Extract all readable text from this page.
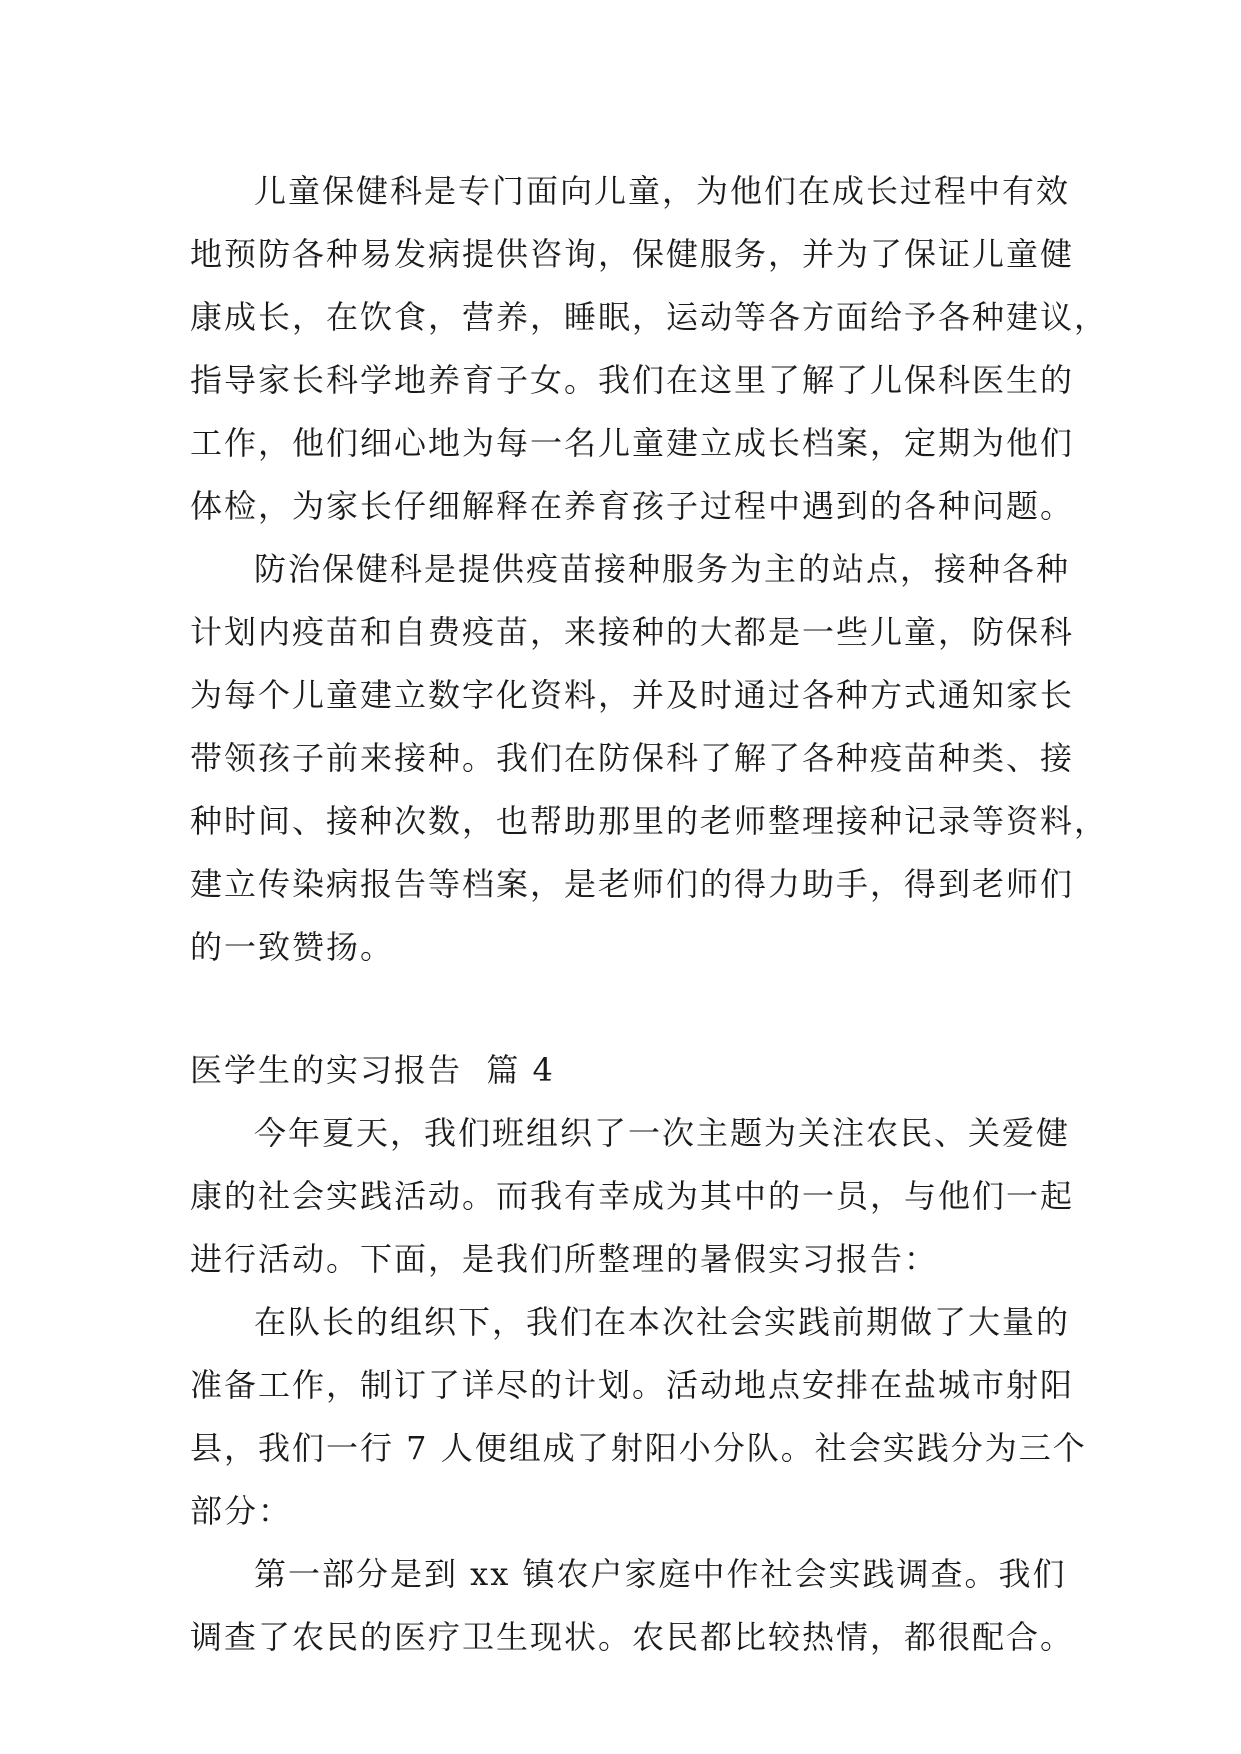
儿童保健科是专门面向儿童，为他们在成长过程中有效
地预防各种易发病提供咨询，保健服务，并为了保证儿童健
康成长，在饮食，营养，睡眠，运动等各方面给予各种建议，
指导家长科学地养育子女。我们在这里了解了儿保科医生的
工作，他们细心地为每一名儿童建立成长档案，定期为他们
体检，为家长仔细解释在养育孩子过程中遇到的各种问题。
防治保健科是提供疫苗接种服务为主的站点，接种各种
计划内疫苗和自费疫苗，来接种的大都是一些儿童，防保科
为每个儿童建立数字化资料，并及时通过各种方式通知家长
带领孩子前来接种。我们在防保科了解了各种疫苗种类、接
种时间、接种次数，也帮助那里的老师整理接种记录等资料，
建立传染病报告等档案，是老师们的得力助手，得到老师们
的一致赞扬。
医学生的实习报告  篇 4
今年夏天，我们班组织了一次主题为关注农民、关爱健
康的社会实践活动。而我有幸成为其中的一员，与他们一起
进行活动。下面，是我们所整理的暑假实习报告：
在队长的组织下，我们在本次社会实践前期做了大量的
准备工作，制订了详尽的计划。活动地点安排在盐城市射阳
县，我们一行 7 人便组成了射阳小分队。社会实践分为三个
部分：
第一部分是到 xx 镇农户家庭中作社会实践调查。我们
调查了农民的医疗卫生现状。农民都比较热情，都很配合。
